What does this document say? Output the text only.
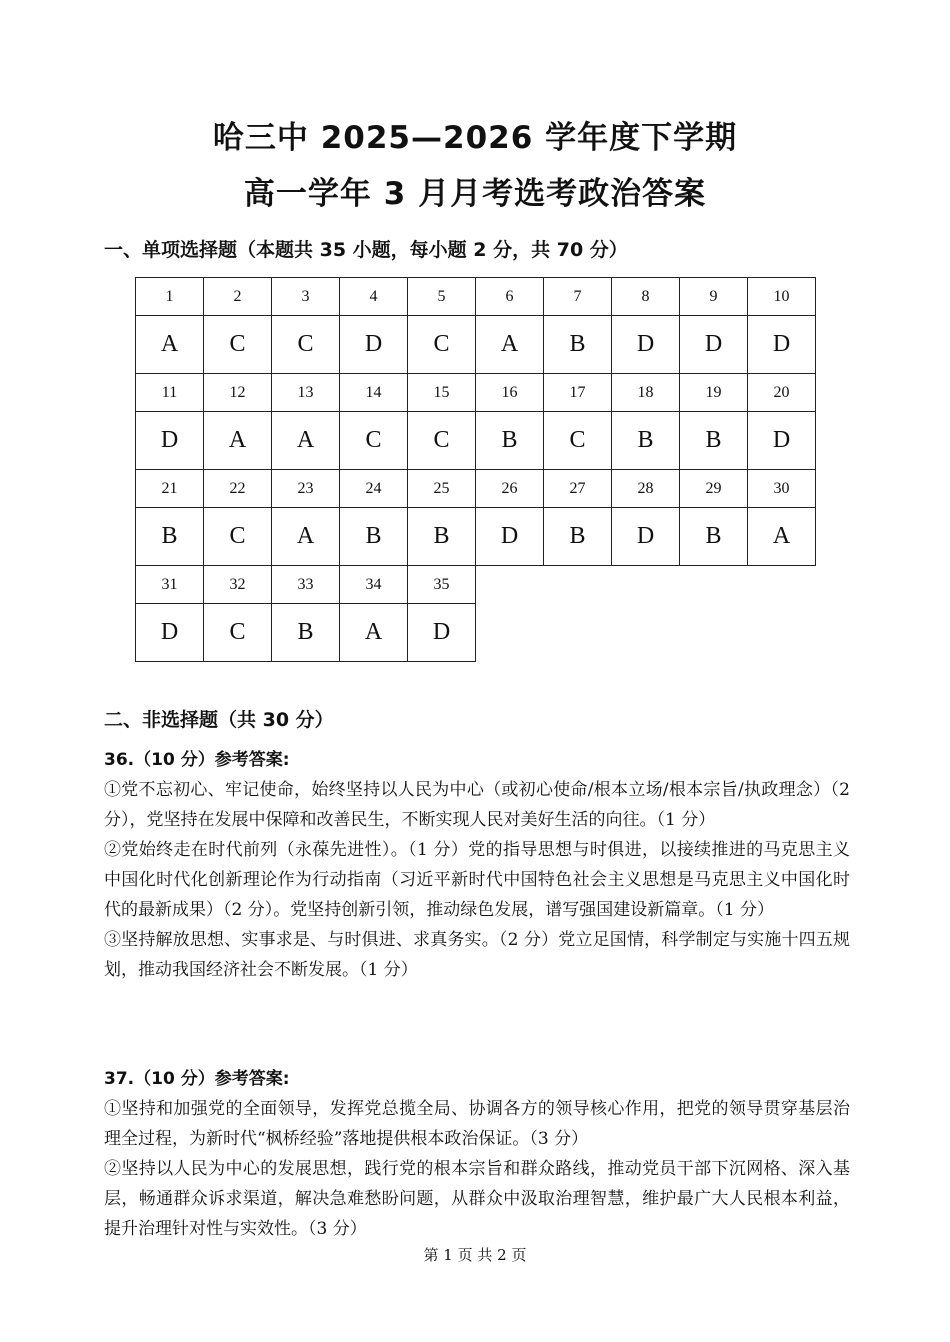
哈三中 2025—2026 学年度下学期
高一学年 3 月月考选考政治答案
一、单项选择题（本题共 35 小题，每小题 2 分，共 70 分）
1	2	3	4	5	6	7	8	9	10
A	C	C	D	C	A	B	D	D	D
11	12	13	14	15	16	17	18	19	20
D	A	A	C	C	B	C	B	B	D
21	22	23	24	25	26	27	28	29	30
B	C	A	B	B	D	B	D	B	A
31	32	33	34	35					
D	C	B	A	D					
二、非选择题（共 30 分）
36.（10 分）参考答案:

①党不忘初心、牢记使命，始终坚持以人民为中心（或初心使命/根本立场/根本宗旨/执政理念）（2 分），党坚持在发展中保障和改善民生，不断实现人民对美好生活的向往。（1 分）

②党始终走在时代前列（永葆先进性）。（1 分）党的指导思想与时俱进，以接续推进的马克思主义中国化时代化创新理论作为行动指南（习近平新时代中国特色社会主义思想是马克思主义中国化时代的最新成果）（2 分）。党坚持创新引领，推动绿色发展，谱写强国建设新篇章。（1 分）

③坚持解放思想、实事求是、与时俱进、求真务实。（2 分）党立足国情，科学制定与实施十四五规划，推动我国经济社会不断发展。（1 分）

37.（10 分）参考答案:

①坚持和加强党的全面领导，发挥党总揽全局、协调各方的领导核心作用，把党的领导贯穿基层治理全过程，为新时代“枫桥经验”落地提供根本政治保证。（3 分）

②坚持以人民为中心的发展思想，践行党的根本宗旨和群众路线，推动党员干部下沉网格、深入基层，畅通群众诉求渠道，解决急难愁盼问题，从群众中汲取治理智慧，维护最广大人民根本利益，提升治理针对性与实效性。（3 分）

第 1 页 共 2 页
